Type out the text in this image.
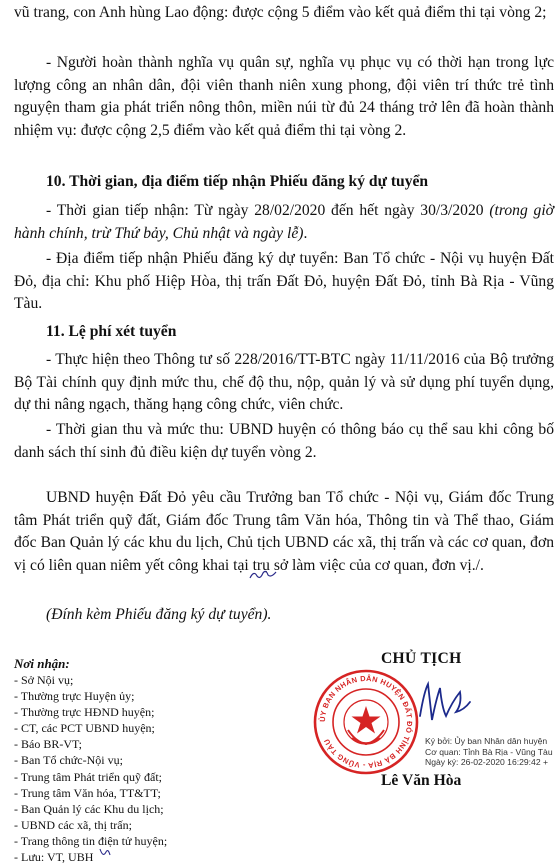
vũ trang, con Anh hùng Lao động: được cộng 5 điểm vào kết quả điểm thi tại vòng 2;

- Người hoàn thành nghĩa vụ quân sự, nghĩa vụ phục vụ có thời hạn trong lực lượng công an nhân dân, đội viên thanh niên xung phong, đội viên trí thức trẻ tình nguyện tham gia phát triển nông thôn, miền núi từ đủ 24 tháng trở lên đã hoàn thành nhiệm vụ: được cộng 2,5 điểm vào kết quả điểm thi tại vòng 2.

10. Thời gian, địa điểm tiếp nhận Phiếu đăng ký dự tuyển

- Thời gian tiếp nhận: Từ ngày 28/02/2020 đến hết ngày 30/3/2020 (trong giờ hành chính, trừ Thứ bảy, Chủ nhật và ngày lễ).

- Địa điểm tiếp nhận Phiếu đăng ký dự tuyển: Ban Tổ chức - Nội vụ huyện Đất Đỏ, địa chỉ: Khu phố Hiệp Hòa, thị trấn Đất Đỏ, huyện Đất Đỏ, tỉnh Bà Rịa - Vũng Tàu.

11. Lệ phí xét tuyển

- Thực hiện theo Thông tư số 228/2016/TT-BTC ngày 11/11/2016 của Bộ trưởng Bộ Tài chính quy định mức thu, chế độ thu, nộp, quản lý và sử dụng phí tuyển dụng, dự thi nâng ngạch, thăng hạng công chức, viên chức.

- Thời gian thu và mức thu: UBND huyện có thông báo cụ thể sau khi công bố danh sách thí sinh đủ điều kiện dự tuyển vòng 2.

UBND huyện Đất Đỏ yêu cầu Trưởng ban Tổ chức - Nội vụ, Giám đốc Trung tâm Phát triển quỹ đất, Giám đốc Trung tâm Văn hóa, Thông tin và Thể thao, Giám đốc Ban Quản lý các khu du lịch, Chủ tịch UBND các xã, thị trấn và các cơ quan, đơn vị có liên quan niêm yết công khai tại trụ sở làm việc của cơ quan, đơn vị./.

(Đính kèm Phiếu đăng ký dự tuyển).

Nơi nhận:
- Sở Nội vụ;
- Thường trực Huyện ủy;
- Thường trực HĐND huyện;
- CT, các PCT UBND huyện;
- Báo BR-VT;
- Ban Tổ chức-Nội vụ;
- Trung tâm Phát triển quỹ đất;
- Trung tâm Văn hóa, TT&TT;
- Ban Quản lý các Khu du lịch;
- UBND các xã, thị trấn;
- Trang thông tin điện tử huyện;
- Lưu: VT, UBH
CHỦ TỊCH
ỦY BAN NHÂN DÂN HUYỆN ĐẤT ĐỎ TỈNH BÀ RỊA - VŨNG TÀU	Ký bởi: Ủy ban Nhân dân huyện
Cơ quan: Tỉnh Bà Rịa - Vũng Tàu
Ngày ký: 26-02-2020 16:29:42 +
Lê Văn Hòa
